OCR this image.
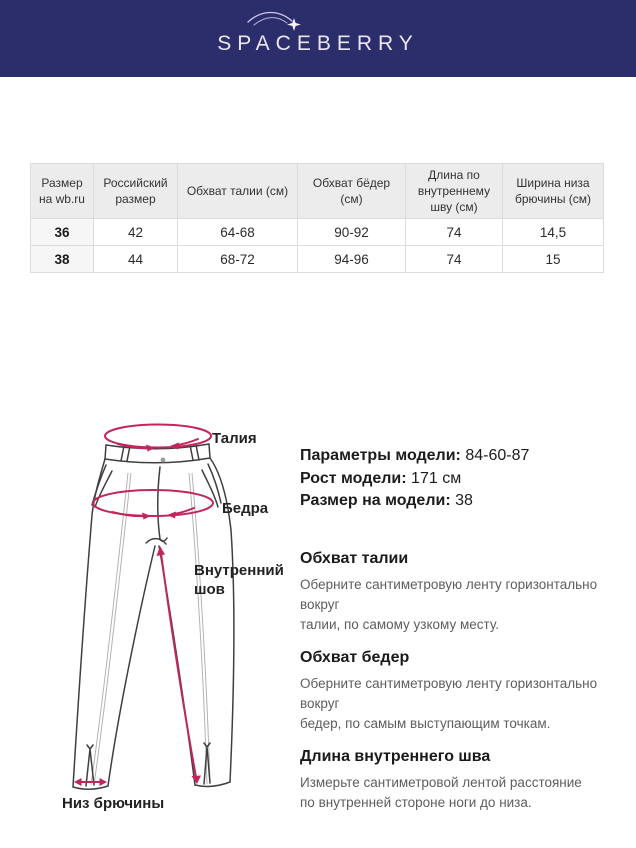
SPACEBERRY
Размер на wb.ru	Российский размер	Обхват талии (см)	Обхват бёдер (см)	Длина по внутреннему шву (см)	Ширина низа брючины (см)
36	42	64-68	90-92	74	14,5
38	44	68-72	94-96	74	15
Талия
Бедра
Внутренний шов
Низ брючины
Параметры модели: 84-60-87
Рост модели: 171 см
Размер на модели: 38
Обхват талии

Оберните сантиметровую ленту горизонтально вокруг
талии, по самому узкому месту.

Обхват бедер

Оберните сантиметровую ленту горизонтально вокруг
бедер, по самым выступающим точкам.

Длина внутреннего шва

Измерьте сантиметровой лентой расстояние
по внутренней стороне ноги до низа.
